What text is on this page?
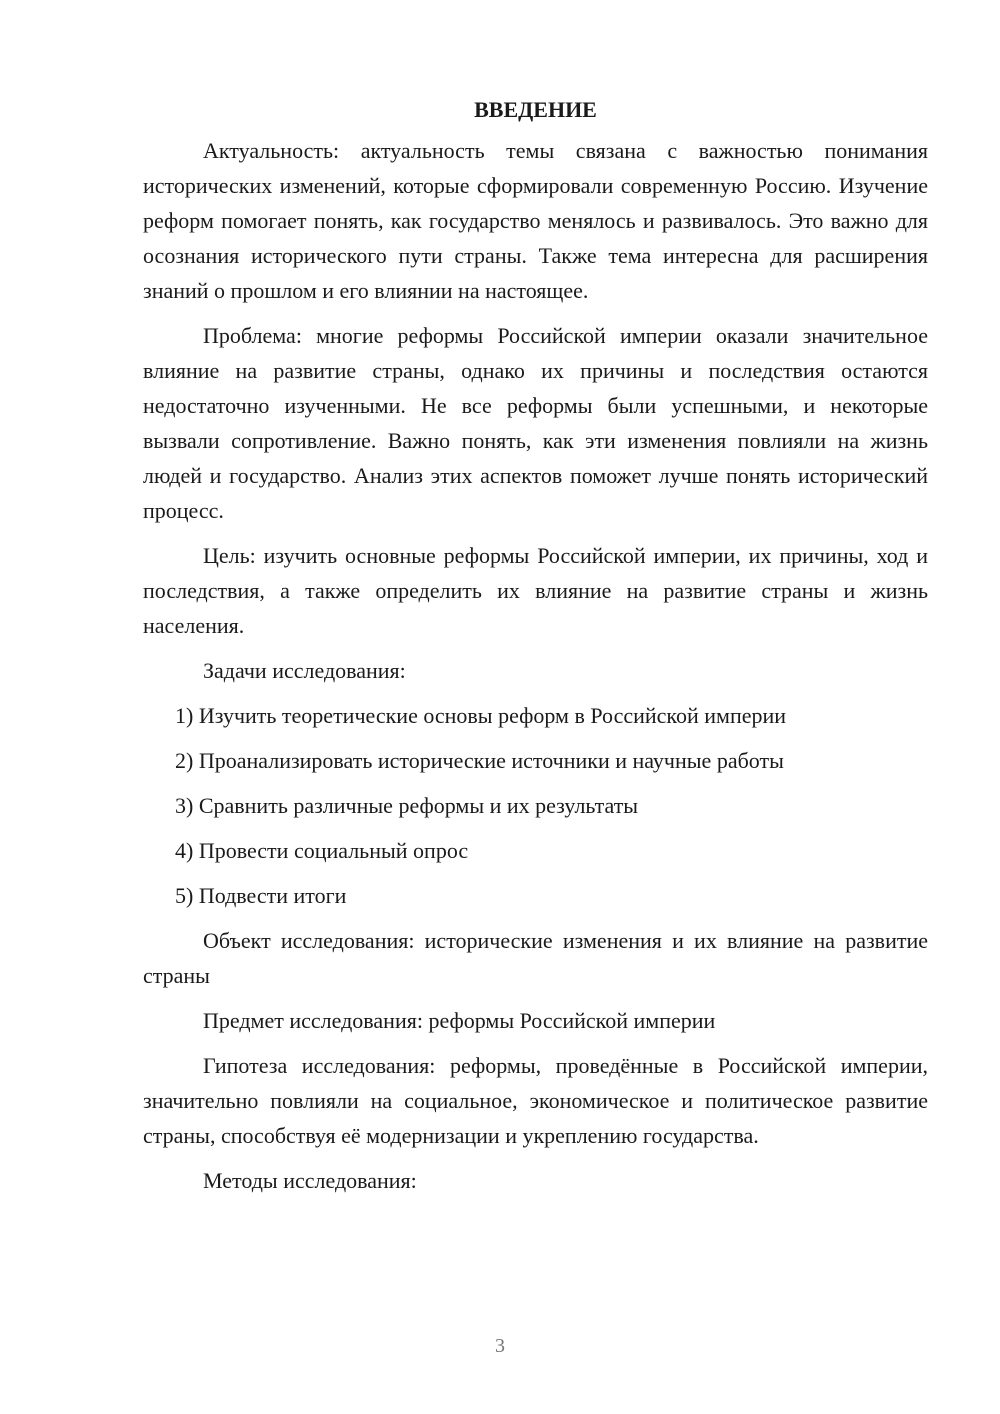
ВВЕДЕНИЕ

Актуальность: актуальность темы связана с важностью понимания исторических изменений, которые сформировали современную Россию. Изучение реформ помогает понять, как государство менялось и развивалось. Это важно для осознания исторического пути страны. Также тема интересна для расширения знаний о прошлом и его влиянии на настоящее.

Проблема: многие реформы Российской империи оказали значительное влияние на развитие страны, однако их причины и последствия остаются недостаточно изученными. Не все реформы были успешными, и некоторые вызвали сопротивление. Важно понять, как эти изменения повлияли на жизнь людей и государство. Анализ этих аспектов поможет лучше понять исторический процесс.

Цель: изучить основные реформы Российской империи, их причины, ход и последствия, а также определить их влияние на развитие страны и жизнь населения.

Задачи исследования:

1) Изучить теоретические основы реформ в Российской империи
2) Проанализировать исторические источники и научные работы
3) Сравнить различные реформы и их результаты
4) Провести социальный опрос
5) Подвести итоги

Объект исследования: исторические изменения и их влияние на развитие страны

Предмет исследования: реформы Российской империи

Гипотеза исследования: реформы, проведённые в Российской империи, значительно повлияли на социальное, экономическое и политическое развитие страны, способствуя её модернизации и укреплению государства.

Методы исследования:

3
